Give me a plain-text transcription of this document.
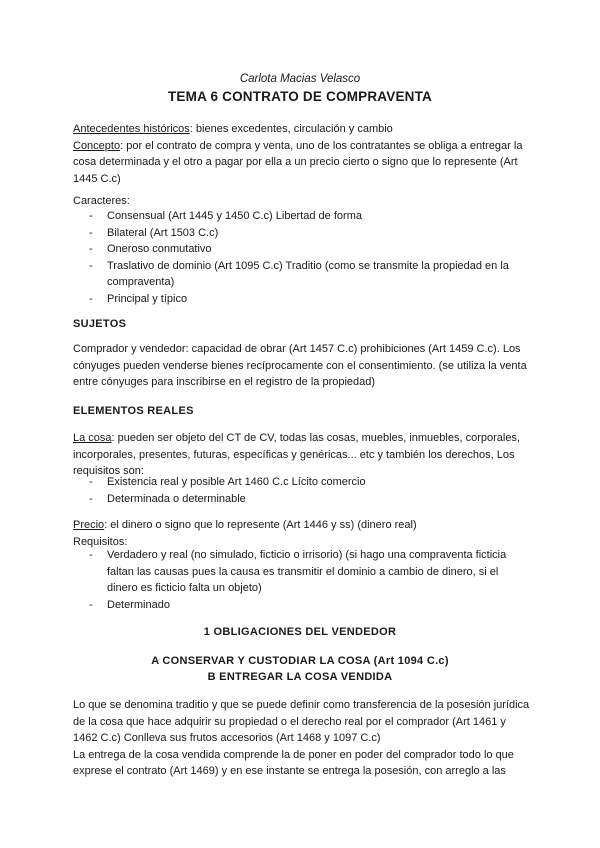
Carlota Macias Velasco
TEMA 6 CONTRATO DE COMPRAVENTA

Antecedentes históricos: bienes excedentes, circulación y cambio

Concepto: por el contrato de compra y venta, uno de los contratantes se obliga a entregar la cosa determinada y el otro a pagar por ella a un precio cierto o signo que lo represente (Art 1445 C.c)

Caracteres:
- Consensual (Art 1445 y 1450 C.c) Libertad de forma
- Bilateral (Art 1503 C.c)
- Oneroso conmutativo
- Traslativo de dominio (Art 1095 C.c) Traditio (como se transmite la propiedad en la compraventa)
- Principal y típico
SUJETOS
Comprador y vendedor: capacidad de obrar (Art 1457 C.c) prohibiciones (Art 1459 C.c). Los cónyuges pueden venderse bienes recíprocamente con el consentimiento. (se utiliza la venta entre cónyuges para inscribirse en el registro de la propiedad)
ELEMENTOS REALES

La cosa: pueden ser objeto del CT de CV, todas las cosas, muebles, inmuebles, corporales, incorporales, presentes, futuras, específicas y genéricas... etc y también los derechos, Los requisitos son:

- Existencia real y posible Art 1460 C.c Lícito comercio
- Determinada o determinable

Precio: el dinero o signo que lo represente (Art 1446 y ss) (dinero real)

Requisitos:

- Verdadero y real (no simulado, ficticio o irrisorio) (si hago una compraventa ficticia faltan las causas pues la causa es transmitir el dominio a cambio de dinero, si el dinero es ficticio falta un objeto)
- Determinado
1 OBLIGACIONES DEL VENDEDOR
A CONSERVAR Y CUSTODIAR LA COSA (Art 1094 C.c)
B ENTREGAR LA COSA VENDIDA

Lo que se denomina traditio y que se puede definir como transferencia de la posesión jurídica de la cosa que hace adquirir su propiedad o el derecho real por el comprador (Art 1461 y 1462 C.c) Conlleva sus frutos accesorios (Art 1468 y 1097 C.c)

La entrega de la cosa vendida comprende la de poner en poder del comprador todo lo que exprese el contrato (Art 1469) y en ese instante se entrega la posesión, con arreglo a las
